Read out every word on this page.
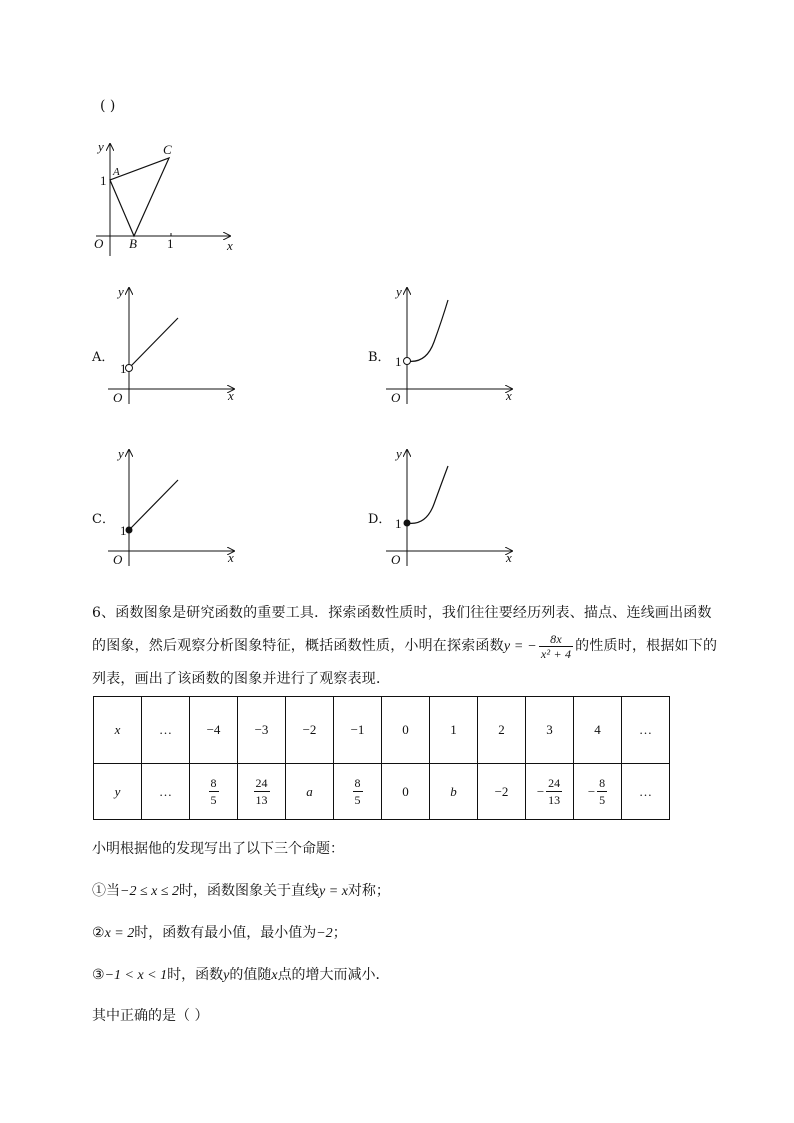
( )
y
x
O
1
1
A
B
C
A．
y
x
O
1
B．
y
x
O
1
C．
y
x
O
1
D．
y
x
O
1
6、函数图象是研究函数的重要工具．探索函数性质时，我们往往要经历列表、描点、连线画出函数
的图象，然后观察分析图象特征，概括函数性质，小明在探索函数y = − $\frac{8x}{\text{x² + 4}}$ 的性质时，根据如下的
列表，画出了该函数的图象并进行了观察表现．
x	…	−4	−3	−2	−1	0	1	2	3	4	…
y	…	$\frac{8}{5}$	$\frac{24}{13}$	a	$\frac{8}{5}$	0	b	−2	− $\frac{24}{13}$	− $\frac{8}{5}$	…
小明根据他的发现写出了以下三个命题：
①当−2 ≤ x ≤ 2时，函数图象关于直线y = x对称；
②x = 2时，函数有最小值，最小值为−2；
③−1 < x < 1时，函数y的值随x点的增大而减小．
其中正确的是（ ）
